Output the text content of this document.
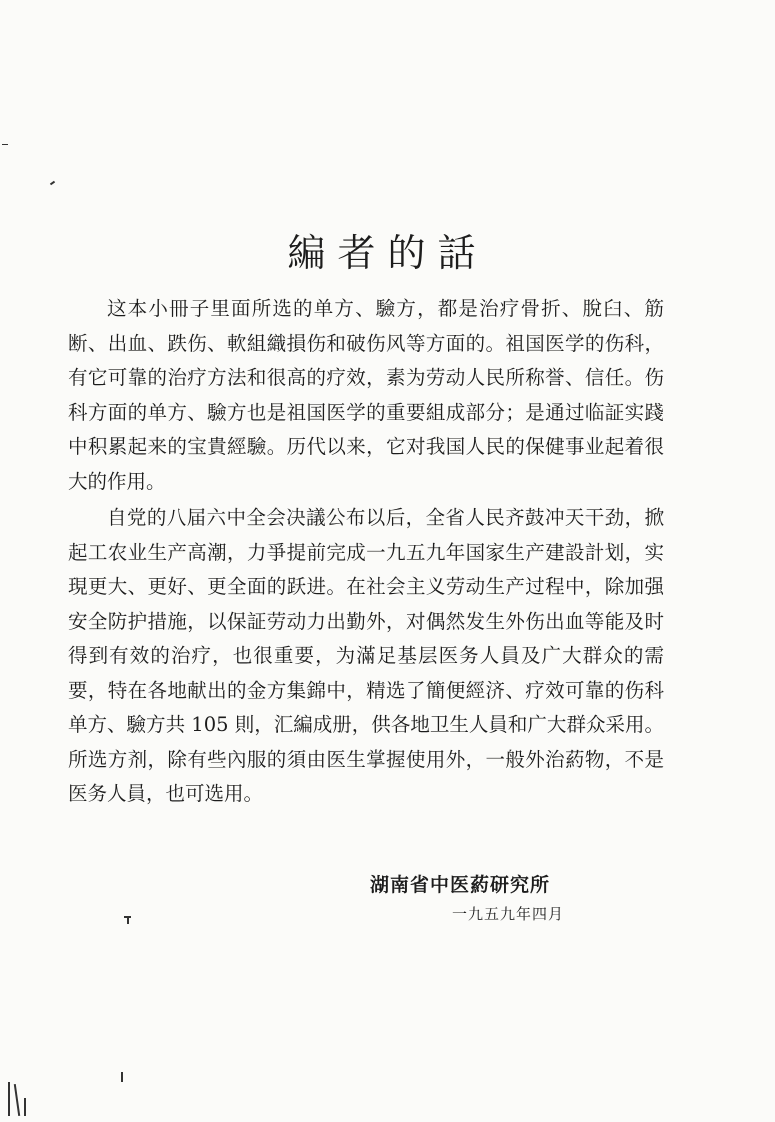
編者的話

这本小冊子里面所选的单方、驗方，都是治疗骨折、脫臼、筋断、出血、跌伤、軟組織損伤和破伤风等方面的。祖国医学的伤科，有它可靠的治疗方法和很高的疗效，素为劳动人民所称誉、信任。伤科方面的单方、驗方也是祖国医学的重要組成部分；是通过临証实踐中积累起来的宝貴經驗。历代以来，它对我国人民的保健事业起着很大的作用。

自党的八届六中全会决議公布以后，全省人民齐鼓冲天干劲，掀起工农业生产高潮，力爭提前完成一九五九年国家生产建設計划，实現更大、更好、更全面的跃进。在社会主义劳动生产过程中，除加强安全防护措施，以保証劳动力出勤外，对偶然发生外伤出血等能及时得到有效的治疗，也很重要，为滿足基层医务人員及广大群众的需要，特在各地献出的金方集錦中，精选了簡便經济、疗效可靠的伤科单方、驗方共 105 則，汇編成册，供各地卫生人員和广大群众采用。所选方剂，除有些內服的須由医生掌握使用外，一般外治葯物，不是医务人員，也可选用。

湖南省中医葯研究所
一九五九年四月
